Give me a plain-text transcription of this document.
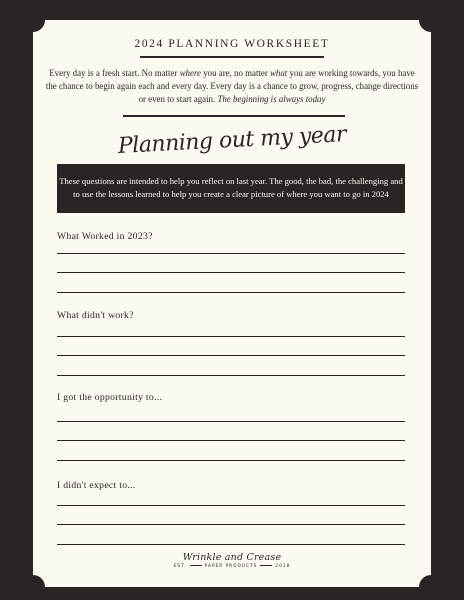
2024 PLANNING WORKSHEET
Every day is a fresh start. No matter where you are, no matter what you are working towards, you have the chance to begin again each and every day. Every day is a chance to grow, progress, change directions or even to start again. The beginning is always today
Planning out my year
These questions are intended to help you reflect on last year. The good, the bad, the challenging and to use the lessons learned to help you create a clear picture of where you want to go in 2024
What Worked in 2023?
What didn't work?
I got the opportunity to...
I didn't expect to...
Wrinkle and Crease
EST.	PAPER PRODUCTS	2018
